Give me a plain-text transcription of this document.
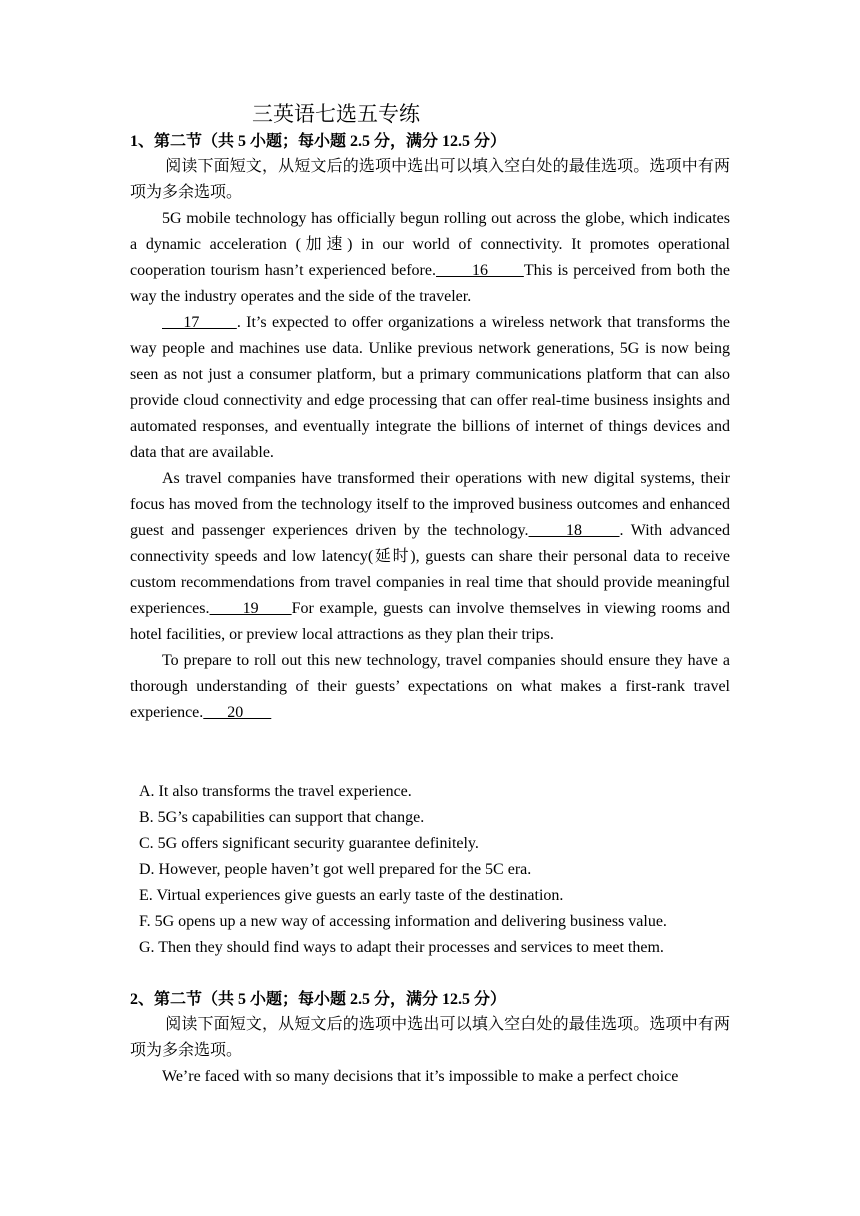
三英语七选五专练
1、第二节（共 5 小题；每小题 2.5 分，满分 12.5 分）

阅读下面短文，从短文后的选项中选出可以填入空白处的最佳选项。选项中有两项为多余选项。

5G mobile technology has officially begun rolling out across the globe, which indicates a dynamic acceleration (加速) in our world of connectivity. It promotes operational cooperation tourism hasn’t experienced before.       16       This is perceived from both the way the industry operates and the side of the traveler.

17       . It’s expected to offer organizations a wireless network that transforms the way people and machines use data. Unlike previous network generations, 5G is now being seen as not just a consumer platform, but a primary communications platform that can also provide cloud connectivity and edge processing that can offer real-time business insights and automated responses, and eventually integrate the billions of internet of things devices and data that are available.

As travel companies have transformed their operations with new digital systems, their focus has moved from the technology itself to the improved business outcomes and enhanced guest and passenger experiences driven by the technology.     18     . With advanced connectivity speeds and low latency(延时), guests can share their personal data to receive custom recommendations from travel companies in real time that should provide meaningful experiences.      19      For example, guests can involve themselves in viewing rooms and hotel facilities, or preview local attractions as they plan their trips.

To prepare to roll out this new technology, travel companies should ensure they have a thorough understanding of their guests’ expectations on what makes a first-rank travel experience.      20

A. It also transforms the travel experience.
B. 5G’s capabilities can support that change.
C. 5G offers significant security guarantee definitely.
D. However, people haven’t got well prepared for the 5C era.
E. Virtual experiences give guests an early taste of the destination.
F. 5G opens up a new way of accessing information and delivering business value.
G. Then they should find ways to adapt their processes and services to meet them.
2、第二节（共 5 小题；每小题 2.5 分，满分 12.5 分）

阅读下面短文，从短文后的选项中选出可以填入空白处的最佳选项。选项中有两项为多余选项。

We’re faced with so many decisions that it’s impossible to make a perfect choice
